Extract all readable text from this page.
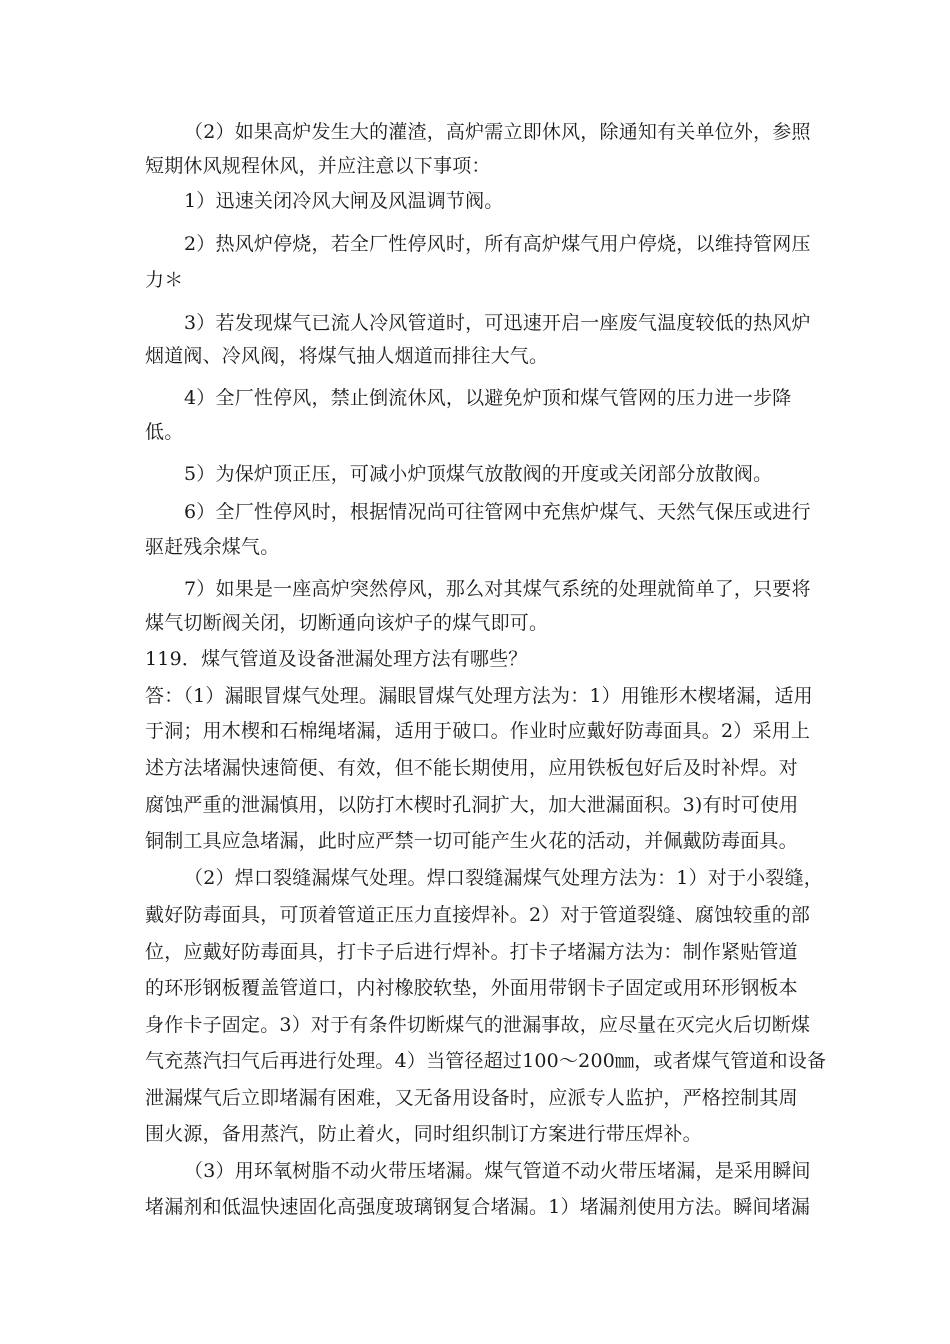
（2）如果高炉发生大的灌渣，高炉需立即休风，除通知有关单位外，参照
短期休风规程休风，并应注意以下事项：
1）迅速关闭冷风大闸及风温调节阀。
2）热风炉停烧，若全厂性停风时，所有高炉煤气用户停烧，以维持管网压
力＊
3）若发现煤气已流人冷风管道时，可迅速开启一座废气温度较低的热风炉
烟道阀、冷风阀，将煤气抽人烟道而排往大气。
4）全厂性停风，禁止倒流休风，以避免炉顶和煤气管网的压力进一步降
低。
5）为保炉顶正压，可减小炉顶煤气放散阀的开度或关闭部分放散阀。
6）全厂性停风时，根据情况尚可往管网中充焦炉煤气、天然气保压或进行
驱赶残余煤气。
7）如果是一座高炉突然停风，那么对其煤气系统的处理就简单了，只要将
煤气切断阀关闭，切断通向该炉子的煤气即可。
119．煤气管道及设备泄漏处理方法有哪些？
答：（1）漏眼冒煤气处理。漏眼冒煤气处理方法为：1）用锥形木楔堵漏，适用
于洞；用木楔和石棉绳堵漏，适用于破口。作业时应戴好防毒面具。2）采用上
述方法堵漏快速简便、有效，但不能长期使用，应用铁板包好后及时补焊。对
腐蚀严重的泄漏慎用，以防打木楔时孔洞扩大，加大泄漏面积。3)有时可使用
铜制工具应急堵漏，此时应严禁一切可能产生火花的活动，并佩戴防毒面具。
（2）焊口裂缝漏煤气处理。焊口裂缝漏煤气处理方法为：1）对于小裂缝，
戴好防毒面具，可顶着管道正压力直接焊补。2）对于管道裂缝、腐蚀较重的部
位，应戴好防毒面具，打卡子后进行焊补。打卡子堵漏方法为：制作紧贴管道
的环形钢板覆盖管道口，内衬橡胶软垫，外面用带钢卡子固定或用环形钢板本
身作卡子固定。3）对于有条件切断煤气的泄漏事故，应尽量在灭完火后切断煤
气充蒸汽扫气后再进行处理。4）当管径超过100～200㎜，或者煤气管道和设备
泄漏煤气后立即堵漏有困难，又无备用设备时，应派专人监护，严格控制其周
围火源，备用蒸汽，防止着火，同时组织制订方案进行带压焊补。
（3）用环氧树脂不动火带压堵漏。煤气管道不动火带压堵漏，是采用瞬间
堵漏剂和低温快速固化高强度玻璃钢复合堵漏。1）堵漏剂使用方法。瞬间堵漏
